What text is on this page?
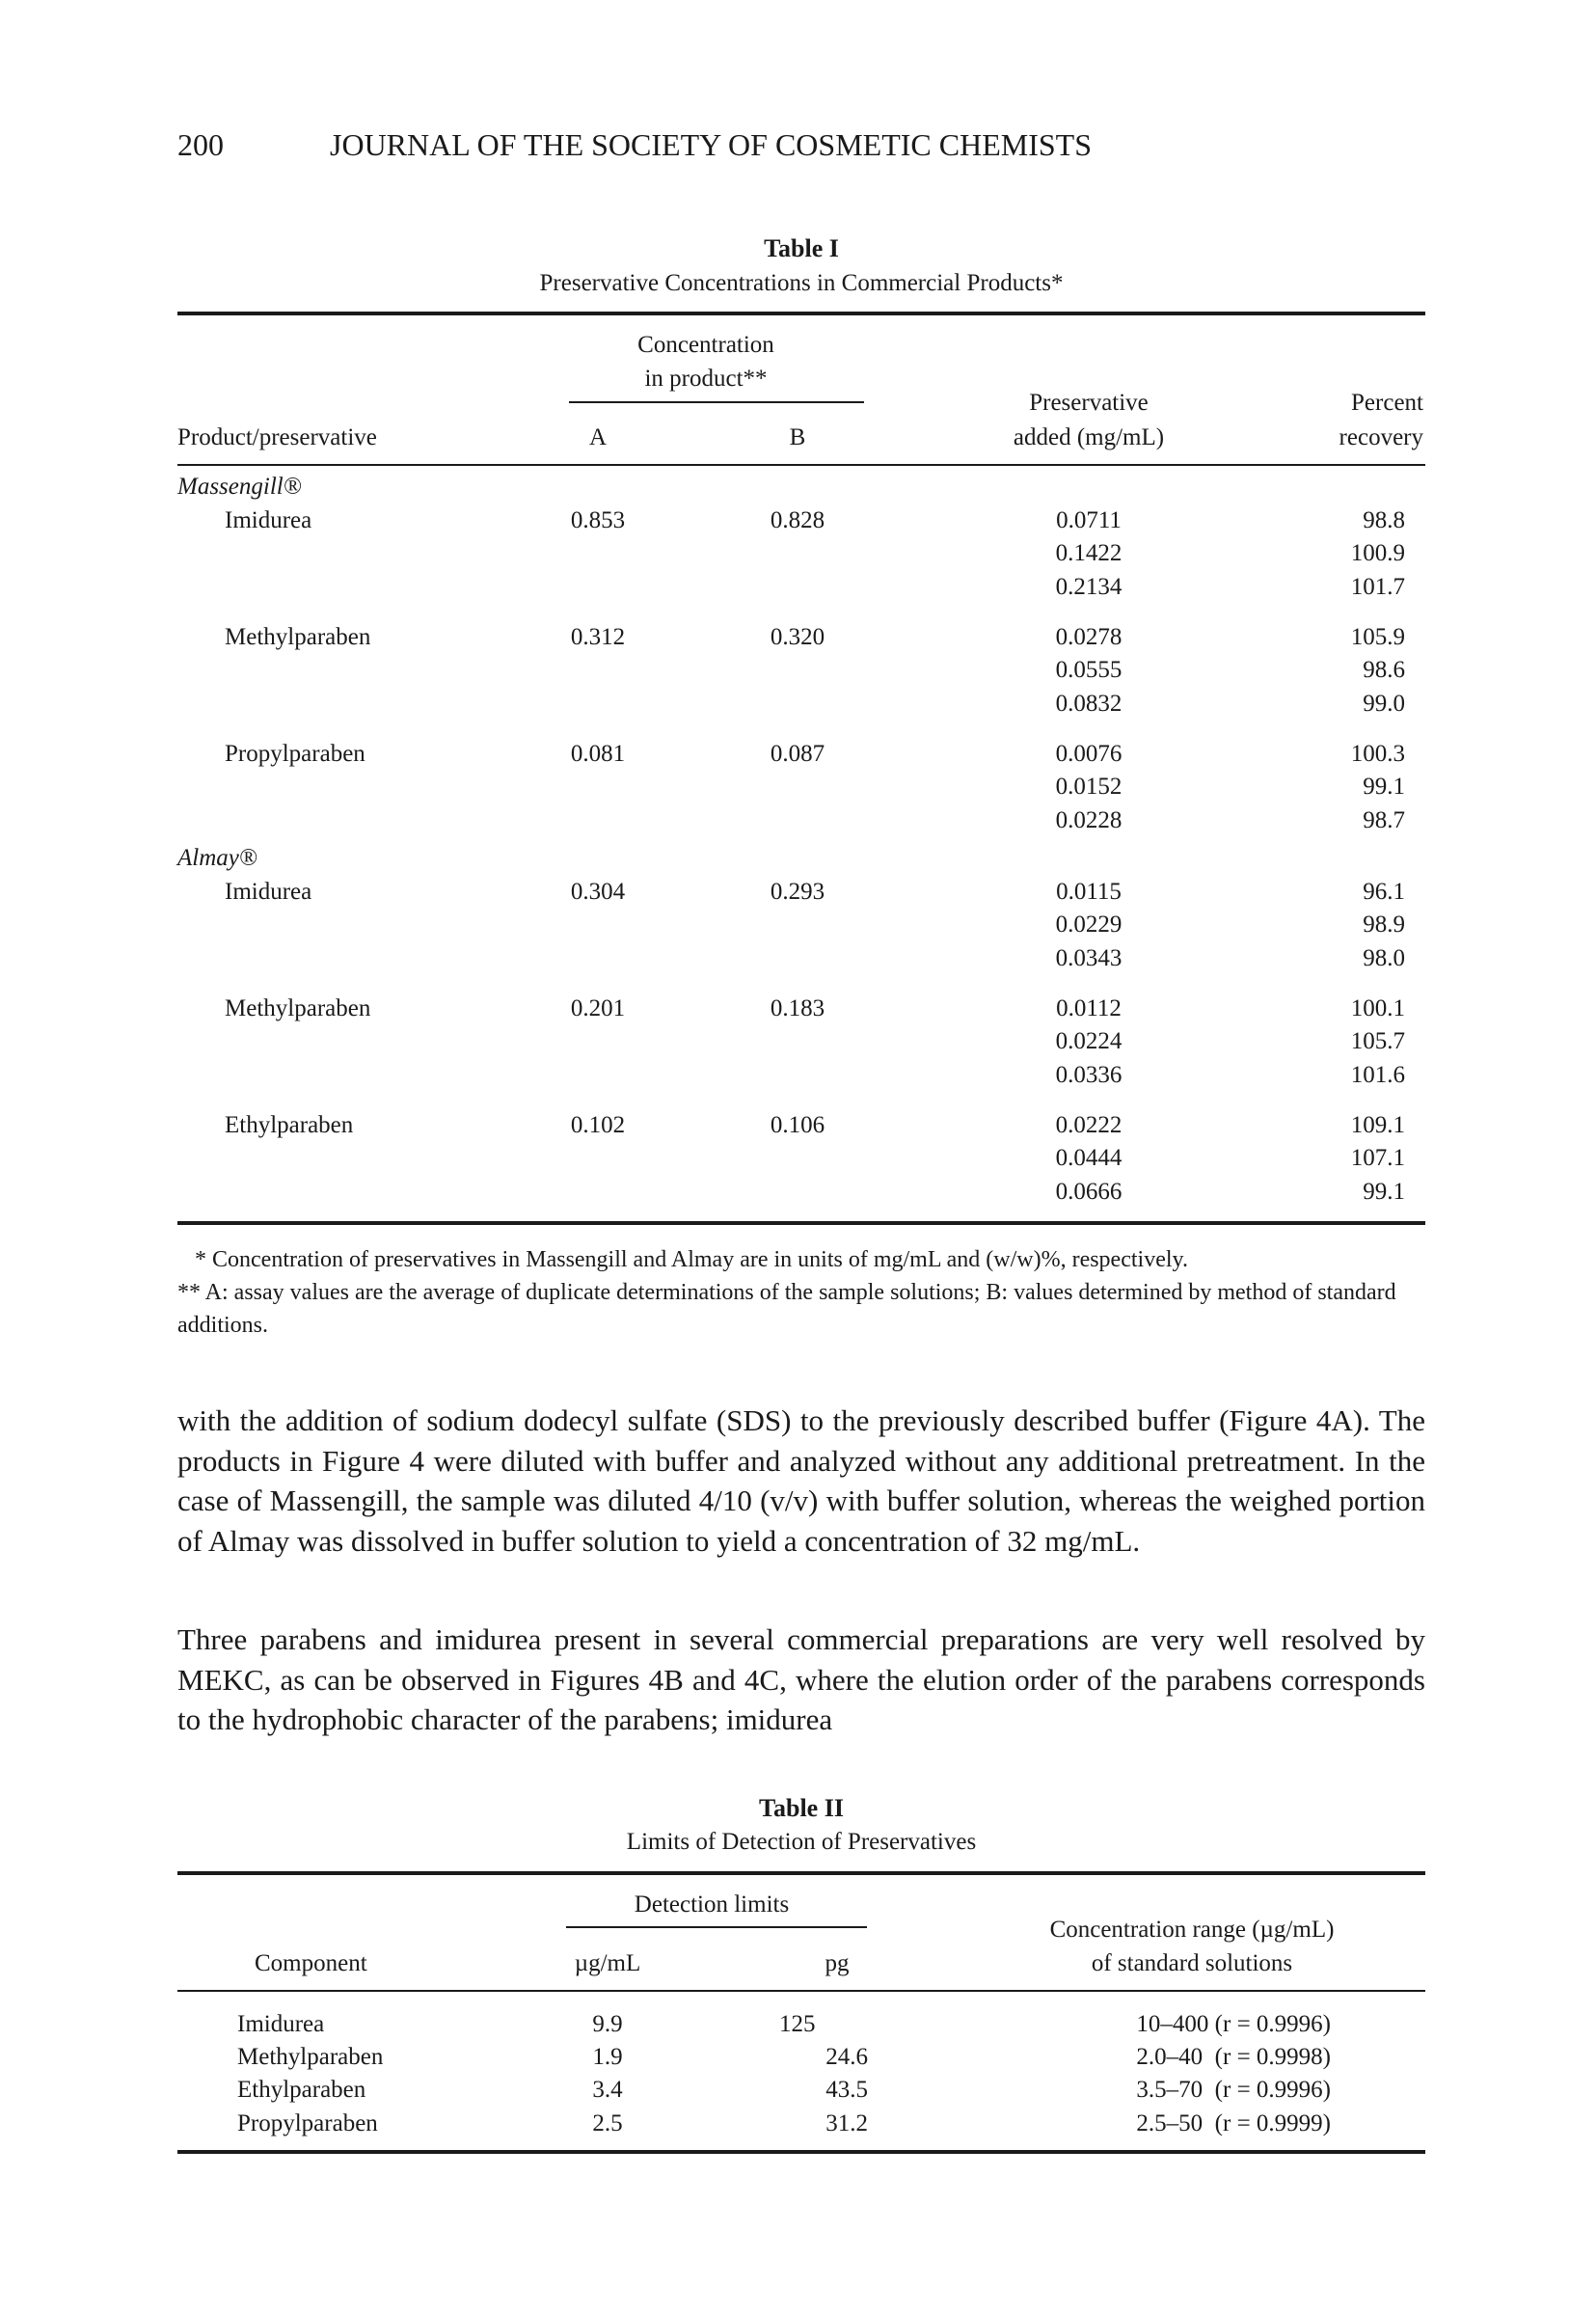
200	JOURNAL OF THE SOCIETY OF COSMETIC CHEMISTS
Table I
Preservative Concentrations in Commercial Products*
Concentration
in product**
Preservative	Percent
Product/preservative	A	B	added (mg/mL)	recovery
Massengill®
Imidurea	0.853	0.828	0.0711	98.8
0.1422	100.9
0.2134	101.7
Methylparaben	0.312	0.320	0.0278	105.9
0.0555	98.6
0.0832	99.0
Propylparaben	0.081	0.087	0.0076	100.3
0.0152	99.1
0.0228	98.7
Almay®
Imidurea	0.304	0.293	0.0115	96.1
0.0229	98.9
0.0343	98.0
Methylparaben	0.201	0.183	0.0112	100.1
0.0224	105.7
0.0336	101.6
Ethylparaben	0.102	0.106	0.0222	109.1
0.0444	107.1
0.0666	99.1
* Concentration of preservatives in Massengill and Almay are in units of mg/mL and (w/w)%, respectively.
** A: assay values are the average of duplicate determinations of the sample solutions; B: values determined by method of standard additions.
with the addition of sodium dodecyl sulfate (SDS) to the previously described buffer (Figure 4A). The products in Figure 4 were diluted with buffer and analyzed without any additional pretreatment. In the case of Massengill, the sample was diluted 4/10 (v/v) with buffer solution, whereas the weighed portion of Almay was dissolved in buffer solution to yield a concentration of 32 mg/mL.
Three parabens and imidurea present in several commercial preparations are very well resolved by MEKC, as can be observed in Figures 4B and 4C, where the elution order of the parabens corresponds to the hydrophobic character of the parabens; imidurea
Table II
Limits of Detection of Preservatives
Detection limits
Concentration range (µg/mL)
Component	µg/mL	pg	of standard solutions
Imidurea	9.9	125	10–400 (r = 0.9996)
Methylparaben	1.9	24.6	2.0–40  (r = 0.9998)
Ethylparaben	3.4	43.5	3.5–70  (r = 0.9996)
Propylparaben	2.5	31.2	2.5–50  (r = 0.9999)
